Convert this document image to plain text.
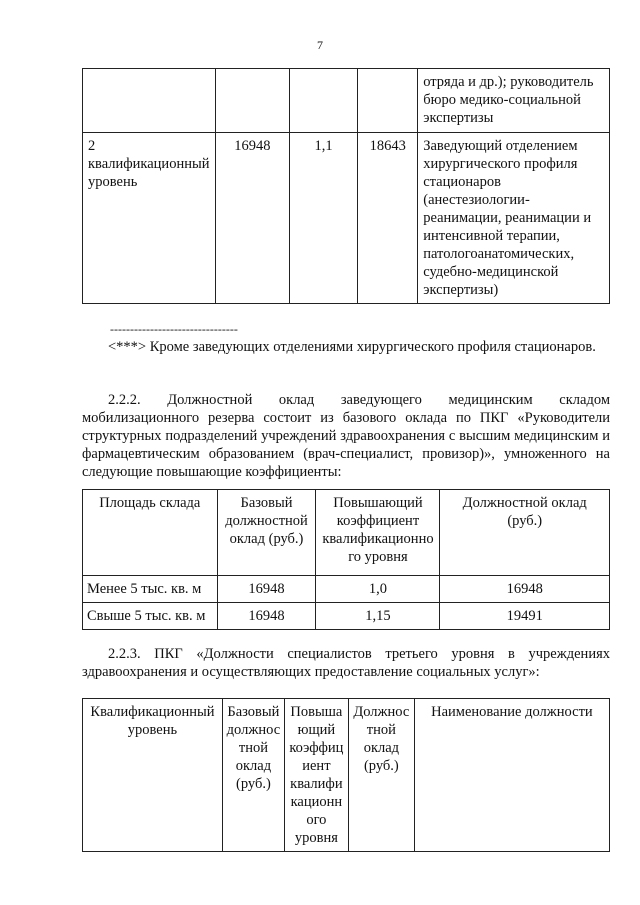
7
				отряда и др.); руководитель бюро медико-социальной экспертизы
2 квалификационный уровень	16948	1,1	18643	Заведующий отделением хирургического профиля стационаров (анестезиологии-реанимации, реанимации и интенсивной терапии, патологоанатомических, судебно-медицинской экспертизы)
--------------------------------
<***> Кроме заведующих отделениями хирургического профиля стационаров.
2.2.2. Должностной оклад заведующего медицинским складом мобилизационного резерва состоит из базового оклада по ПКГ «Руководители структурных подразделений учреждений здравоохранения с высшим медицинским и фармацевтическим образованием (врач-специалист, провизор)», умноженного на следующие повышающие коэффициенты:
Площадь склада	Базовый должностной оклад (руб.)	Повышающий коэффициент квалификационно го уровня	Должностной оклад (руб.)
Менее 5 тыс. кв. м	16948	1,0	16948
Свыше 5 тыс. кв. м	16948	1,15	19491
2.2.3. ПКГ «Должности специалистов третьего уровня в учреждениях здравоохранения и осуществляющих предоставление социальных услуг»:
Квалификационный уровень	Базовый должнос тной оклад (руб.)	Повыша ющий коэффиц иент квалифи кационн ого уровня	Должнос тной оклад (руб.)	Наименование должности
